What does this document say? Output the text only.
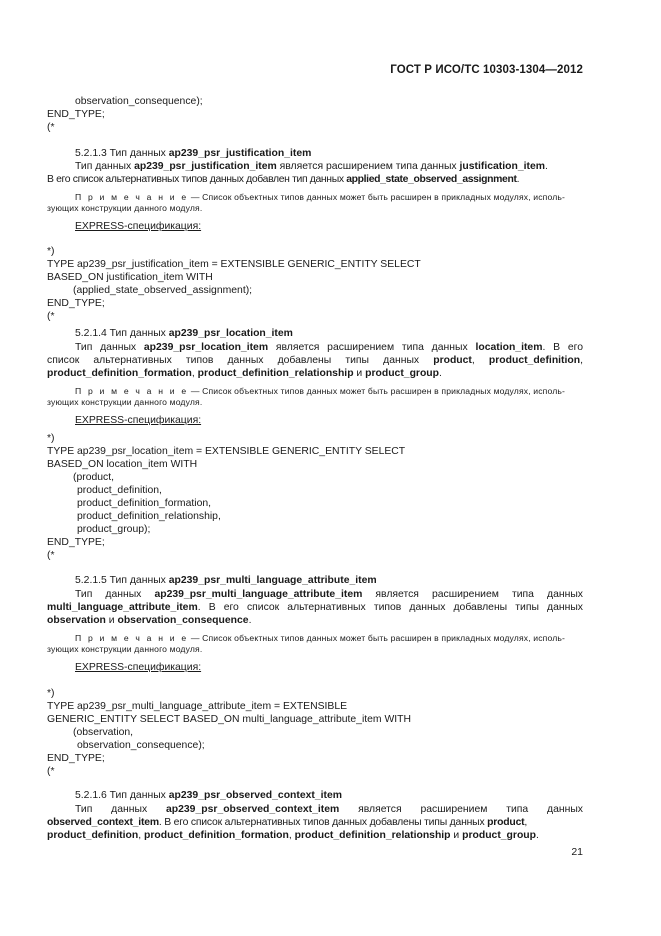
ГОСТ Р ИСО/ТС 10303-1304—2012
observation_consequence);
END_TYPE;
(*
5.2.1.3 Тип данных ap239_psr_justification_item
Тип данных ap239_psr_justification_item является расширением типа данных justification_item.
В его список альтернативных типов данных добавлен тип данных applied_state_observed_assignment.
П р и м е ч а н и е — Список объектных типов данных может быть расширен в прикладных модулях, исполь-
зующих конструкции данного модуля.
EXPRESS-спецификация:
*)
TYPE ap239_psr_justification_item = EXTENSIBLE GENERIC_ENTITY SELECT
BASED_ON justification_item WITH
(applied_state_observed_assignment);
END_TYPE;
(*
5.2.1.4 Тип данных ap239_psr_location_item
Тип данных ap239_psr_location_item является расширением типа данных location_item. В его
список альтернативных типов данных добавлены типы данных product, product_definition,
product_definition_formation, product_definition_relationship и product_group.
П р и м е ч а н и е — Список объектных типов данных может быть расширен в прикладных модулях, исполь-
зующих конструкции данного модуля.
EXPRESS-спецификация:
*)
TYPE ap239_psr_location_item = EXTENSIBLE GENERIC_ENTITY SELECT
BASED_ON location_item WITH
(product,
product_definition,
product_definition_formation,
product_definition_relationship,
product_group);
END_TYPE;
(*
5.2.1.5 Тип данных ap239_psr_multi_language_attribute_item
Тип данных ap239_psr_multi_language_attribute_item является расширением типа данных
multi_language_attribute_item. В его список альтернативных типов данных добавлены типы данных
observation и observation_consequence.
П р и м е ч а н и е — Список объектных типов данных может быть расширен в прикладных модулях, исполь-
зующих конструкции данного модуля.
EXPRESS-спецификация:
*)
TYPE ap239_psr_multi_language_attribute_item = EXTENSIBLE
GENERIC_ENTITY SELECT BASED_ON multi_language_attribute_item WITH
(observation,
observation_consequence);
END_TYPE;
(*
5.2.1.6 Тип данных ap239_psr_observed_context_item
Тип данных ap239_psr_observed_context_item является расширением типа данных
observed_context_item. В его список альтернативных типов данных добавлены типы данных product,
product_definition, product_definition_formation, product_definition_relationship и product_group.
21
